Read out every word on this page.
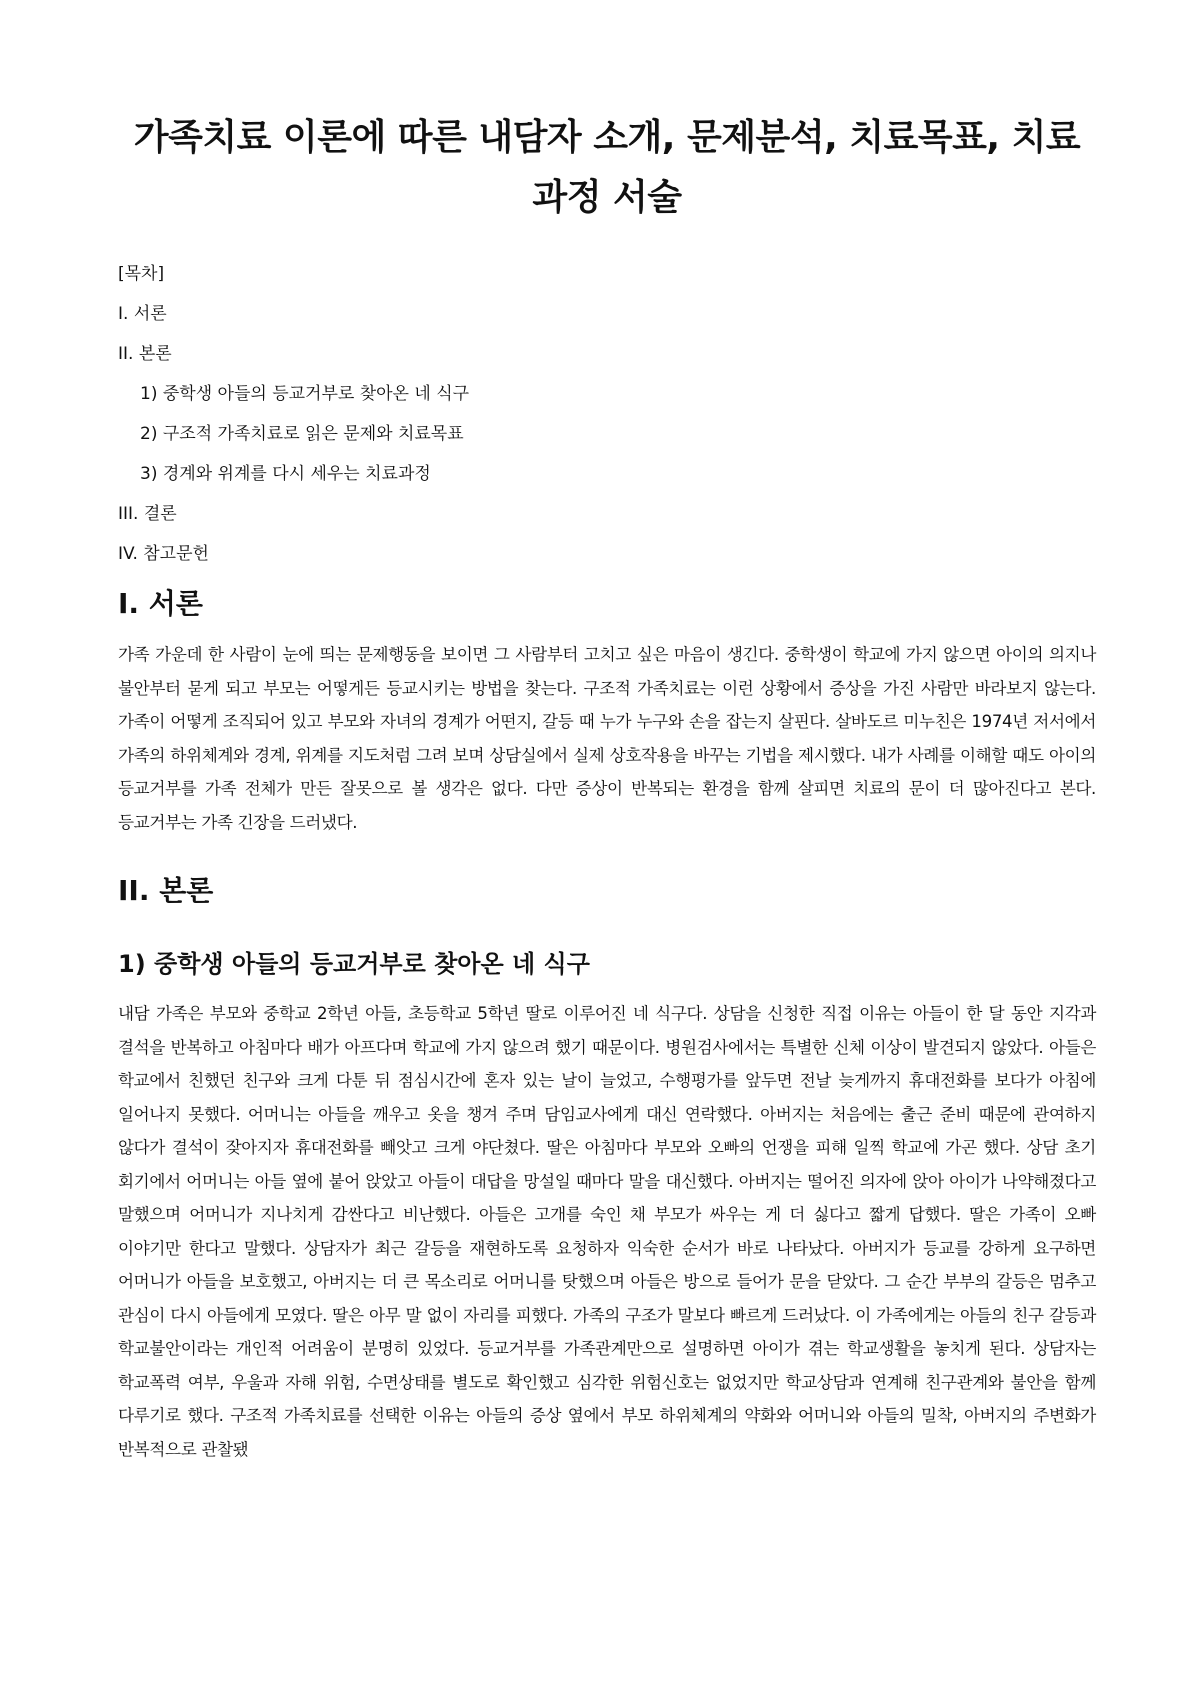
가족치료 이론에 따른 내담자 소개, 문제분석, 치료목표, 치료과정 서술
[목차]
I. 서론
II. 본론
1) 중학생 아들의 등교거부로 찾아온 네 식구
2) 구조적 가족치료로 읽은 문제와 치료목표
3) 경계와 위계를 다시 세우는 치료과정
III. 결론
IV. 참고문헌
I. 서론

가족 가운데 한 사람이 눈에 띄는 문제행동을 보이면 그 사람부터 고치고 싶은 마음이 생긴다. 중학생이 학교에 가지 않으면 아이의 의지나 불안부터 묻게 되고 부모는 어떻게든 등교시키는 방법을 찾는다. 구조적 가족치료는 이런 상황에서 증상을 가진 사람만 바라보지 않는다. 가족이 어떻게 조직되어 있고 부모와 자녀의 경계가 어떤지, 갈등 때 누가 누구와 손을 잡는지 살핀다. 살바도르 미누친은 1974년 저서에서 가족의 하위체계와 경계, 위계를 지도처럼 그려 보며 상담실에서 실제 상호작용을 바꾸는 기법을 제시했다. 내가 사례를 이해할 때도 아이의 등교거부를 가족 전체가 만든 잘못으로 볼 생각은 없다. 다만 증상이 반복되는 환경을 함께 살피면 치료의 문이 더 많아진다고 본다. 등교거부는 가족 긴장을 드러냈다.

II. 본론
1) 중학생 아들의 등교거부로 찾아온 네 식구

내담 가족은 부모와 중학교 2학년 아들, 초등학교 5학년 딸로 이루어진 네 식구다. 상담을 신청한 직접 이유는 아들이 한 달 동안 지각과 결석을 반복하고 아침마다 배가 아프다며 학교에 가지 않으려 했기 때문이다. 병원검사에서는 특별한 신체 이상이 발견되지 않았다. 아들은 학교에서 친했던 친구와 크게 다툰 뒤 점심시간에 혼자 있는 날이 늘었고, 수행평가를 앞두면 전날 늦게까지 휴대전화를 보다가 아침에 일어나지 못했다. 어머니는 아들을 깨우고 옷을 챙겨 주며 담임교사에게 대신 연락했다. 아버지는 처음에는 출근 준비 때문에 관여하지 않다가 결석이 잦아지자 휴대전화를 빼앗고 크게 야단쳤다. 딸은 아침마다 부모와 오빠의 언쟁을 피해 일찍 학교에 가곤 했다. 상담 초기 회기에서 어머니는 아들 옆에 붙어 앉았고 아들이 대답을 망설일 때마다 말을 대신했다. 아버지는 떨어진 의자에 앉아 아이가 나약해졌다고 말했으며 어머니가 지나치게 감싼다고 비난했다. 아들은 고개를 숙인 채 부모가 싸우는 게 더 싫다고 짧게 답했다. 딸은 가족이 오빠 이야기만 한다고 말했다. 상담자가 최근 갈등을 재현하도록 요청하자 익숙한 순서가 바로 나타났다. 아버지가 등교를 강하게 요구하면 어머니가 아들을 보호했고, 아버지는 더 큰 목소리로 어머니를 탓했으며 아들은 방으로 들어가 문을 닫았다. 그 순간 부부의 갈등은 멈추고 관심이 다시 아들에게 모였다. 딸은 아무 말 없이 자리를 피했다. 가족의 구조가 말보다 빠르게 드러났다. 이 가족에게는 아들의 친구 갈등과 학교불안이라는 개인적 어려움이 분명히 있었다. 등교거부를 가족관계만으로 설명하면 아이가 겪는 학교생활을 놓치게 된다. 상담자는 학교폭력 여부, 우울과 자해 위험, 수면상태를 별도로 확인했고 심각한 위험신호는 없었지만 학교상담과 연계해 친구관계와 불안을 함께 다루기로 했다. 구조적 가족치료를 선택한 이유는 아들의 증상 옆에서 부모 하위체계의 약화와 어머니와 아들의 밀착, 아버지의 주변화가 반복적으로 관찰됐
